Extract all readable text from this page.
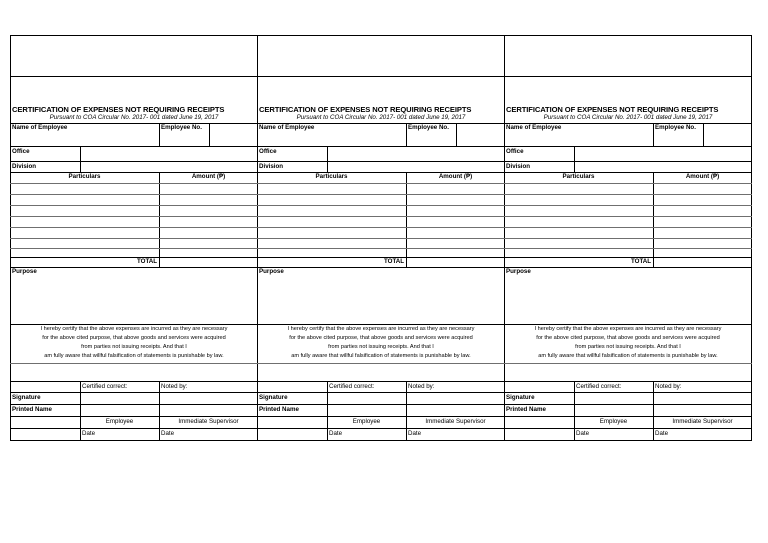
CERTIFICATION OF EXPENSES NOT REQUIRING RECEIPTS
Pursuant to COA Circular No. 2017- 001 dated June 19, 2017
Name of Employee	Employee No.
Office
Division
Particulars	Amount (₱)
TOTAL
Purpose
I hereby certify that the above expenses are incurred as they are necessary
for the above cited purpose, that above goods and services were acquired
from parties not issuing receipts. And that I
am fully aware that willful falsification of statements is punishable by law.
Certified correct:	Noted by:
Signature
Printed Name
Employee	Immediate Supervisor
Date	Date
CERTIFICATION OF EXPENSES NOT REQUIRING RECEIPTS
Pursuant to COA Circular No. 2017- 001 dated June 19, 2017
Name of Employee	Employee No.
Office
Division
Particulars	Amount (₱)
TOTAL
Purpose
I hereby certify that the above expenses are incurred as they are necessary
for the above cited purpose, that above goods and services were acquired
from parties not issuing receipts. And that I
am fully aware that willful falsification of statements is punishable by law.
Certified correct:	Noted by:
Signature
Printed Name
Employee	Immediate Supervisor
Date	Date
CERTIFICATION OF EXPENSES NOT REQUIRING RECEIPTS
Pursuant to COA Circular No. 2017- 001 dated June 19, 2017
Name of Employee	Employee No.
Office
Division
Particulars	Amount (₱)
TOTAL
Purpose
I hereby certify that the above expenses are incurred as they are necessary
for the above cited purpose, that above goods and services were acquired
from parties not issuing receipts. And that I
am fully aware that willful falsification of statements is punishable by law.
Certified correct:	Noted by:
Signature
Printed Name
Employee	Immediate Supervisor
Date	Date
